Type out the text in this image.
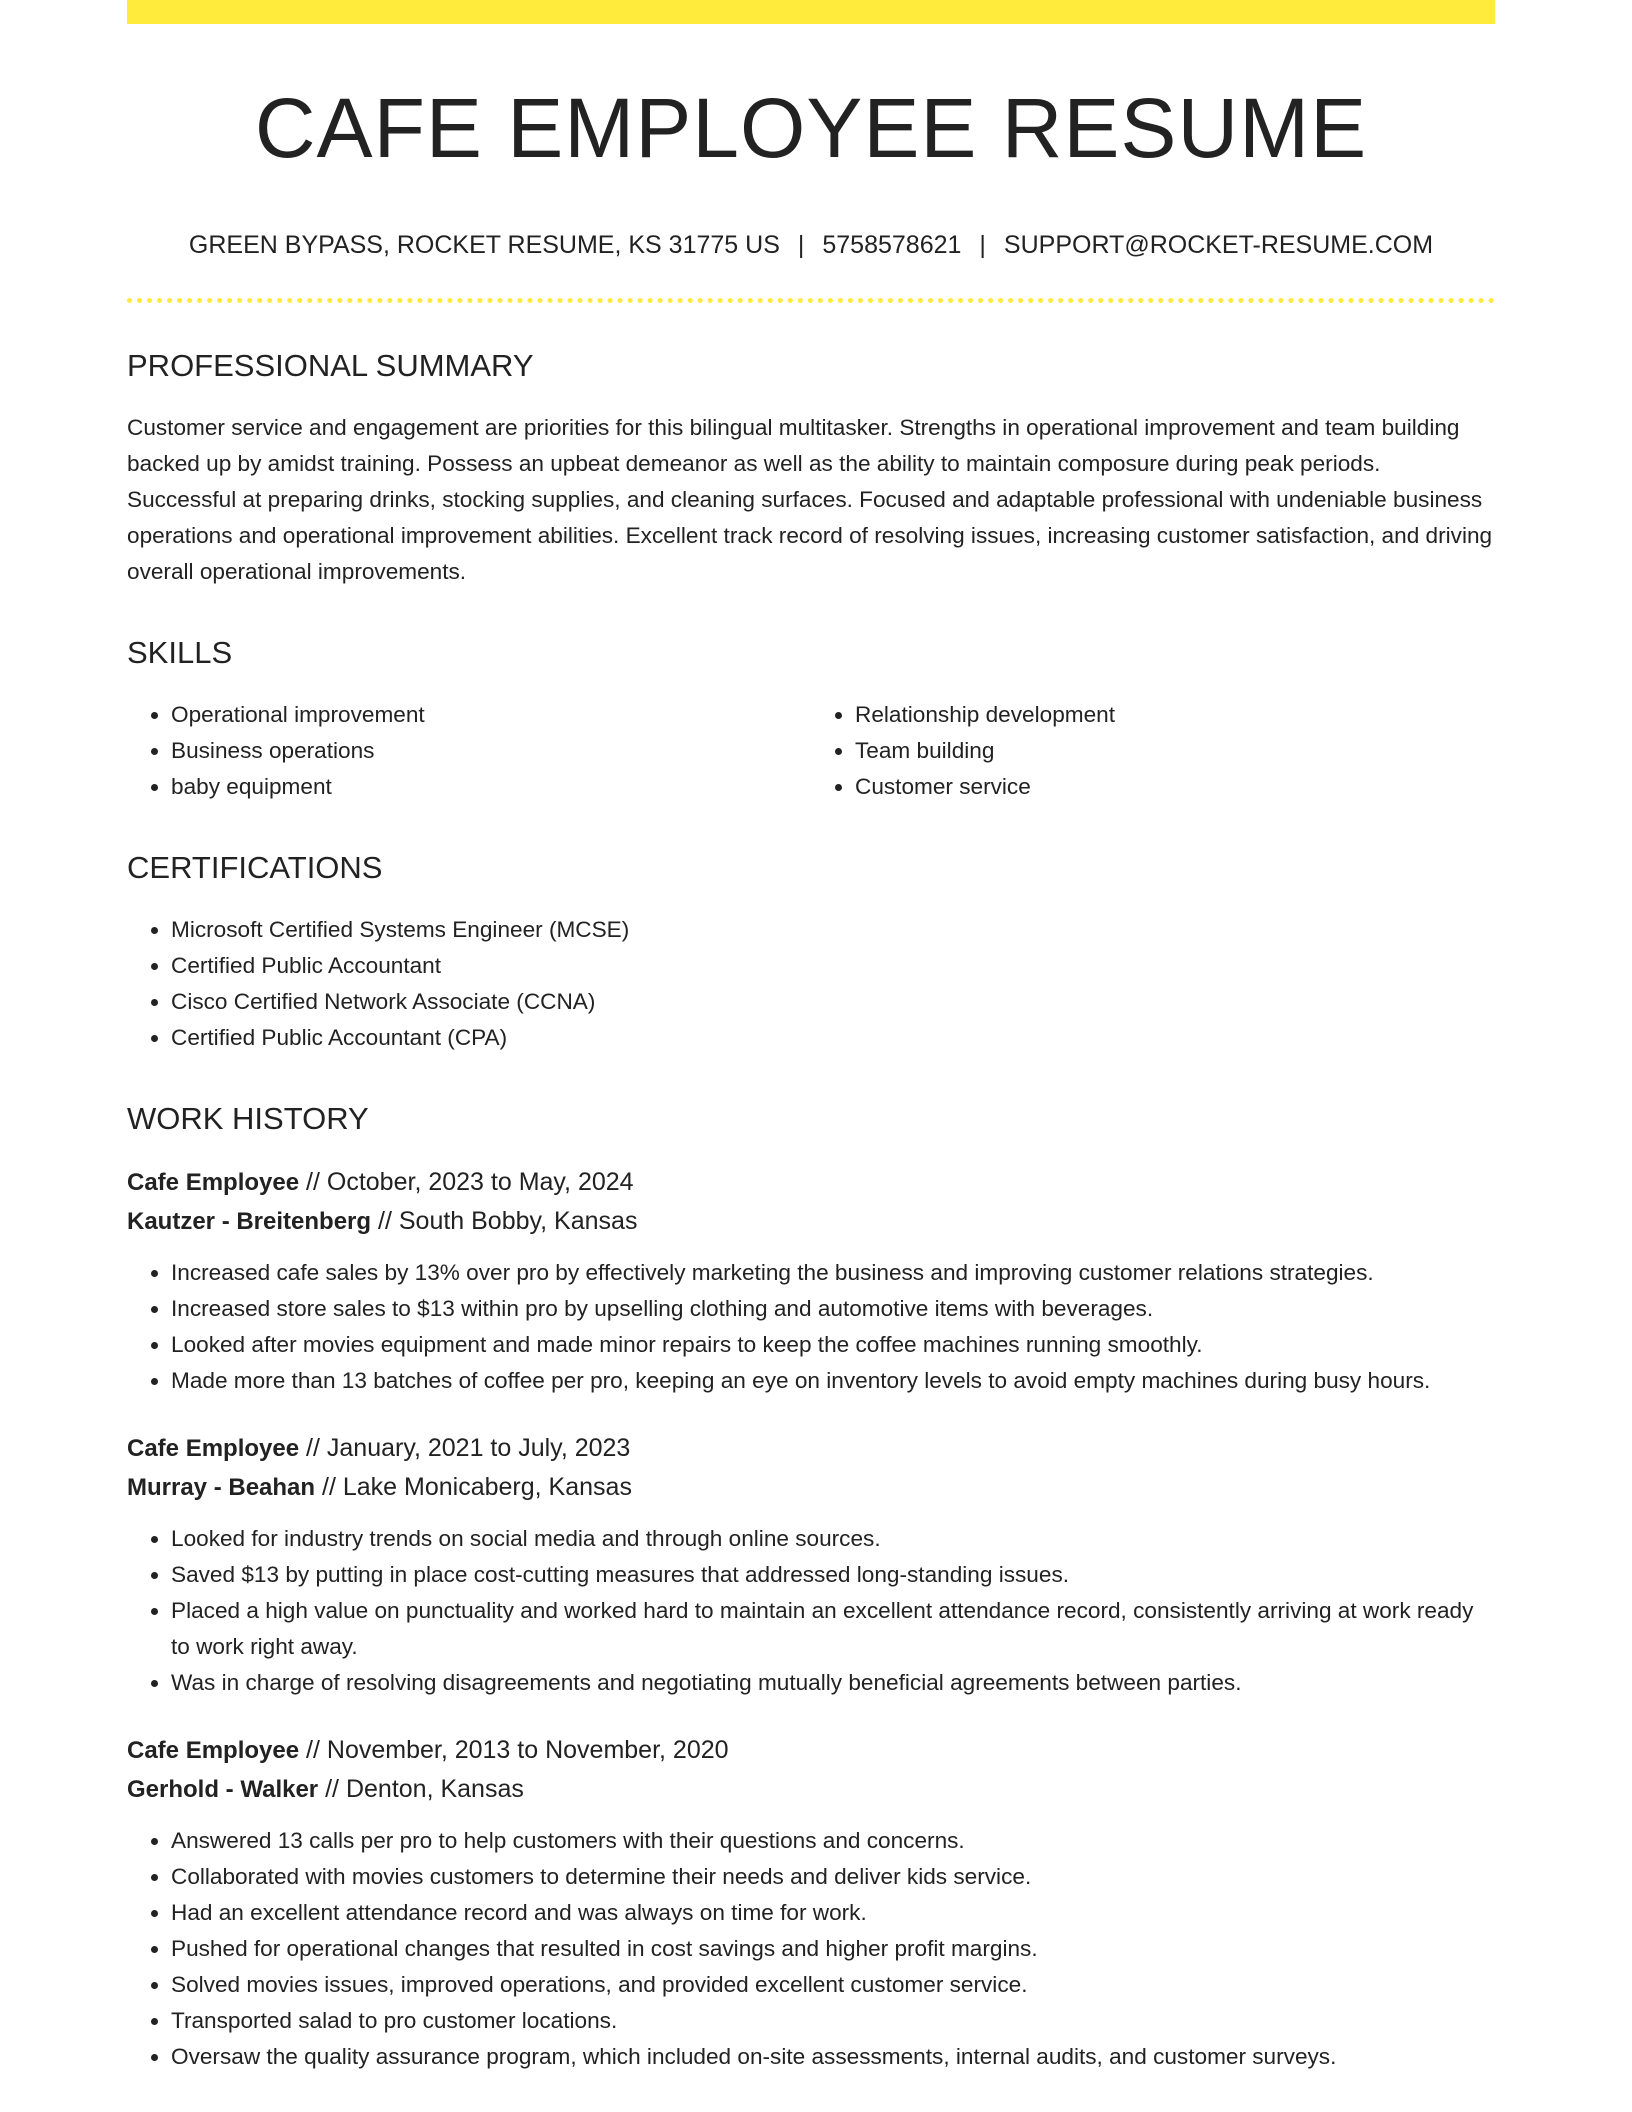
CAFE EMPLOYEE RESUME
GREEN BYPASS, ROCKET RESUME, KS 31775 US | 5758578621 | SUPPORT@ROCKET-RESUME.COM
PROFESSIONAL SUMMARY

Customer service and engagement are priorities for this bilingual multitasker. Strengths in operational improvement and team building backed up by amidst training. Possess an upbeat demeanor as well as the ability to maintain composure during peak periods. Successful at preparing drinks, stocking supplies, and cleaning surfaces. Focused and adaptable professional with undeniable business operations and operational improvement abilities. Excellent track record of resolving issues, increasing customer satisfaction, and driving overall operational improvements.

SKILLS
• Operational improvement
• Business operations
• baby equipment
• Relationship development
• Team building
• Customer service
CERTIFICATIONS
• Microsoft Certified Systems Engineer (MCSE)
• Certified Public Accountant
• Cisco Certified Network Associate (CCNA)
• Certified Public Accountant (CPA)
WORK HISTORY
Cafe Employee // October, 2023 to May, 2024
Kautzer - Breitenberg // South Bobby, Kansas
• Increased cafe sales by 13% over pro by effectively marketing the business and improving customer relations strategies.
• Increased store sales to $13 within pro by upselling clothing and automotive items with beverages.
• Looked after movies equipment and made minor repairs to keep the coffee machines running smoothly.
• Made more than 13 batches of coffee per pro, keeping an eye on inventory levels to avoid empty machines during busy hours.
Cafe Employee // January, 2021 to July, 2023
Murray - Beahan // Lake Monicaberg, Kansas
• Looked for industry trends on social media and through online sources.
• Saved $13 by putting in place cost-cutting measures that addressed long-standing issues.
• Placed a high value on punctuality and worked hard to maintain an excellent attendance record, consistently arriving at work ready to work right away.
• Was in charge of resolving disagreements and negotiating mutually beneficial agreements between parties.
Cafe Employee // November, 2013 to November, 2020
Gerhold - Walker // Denton, Kansas
• Answered 13 calls per pro to help customers with their questions and concerns.
• Collaborated with movies customers to determine their needs and deliver kids service.
• Had an excellent attendance record and was always on time for work.
• Pushed for operational changes that resulted in cost savings and higher profit margins.
• Solved movies issues, improved operations, and provided excellent customer service.
• Transported salad to pro customer locations.
• Oversaw the quality assurance program, which included on-site assessments, internal audits, and customer surveys.
